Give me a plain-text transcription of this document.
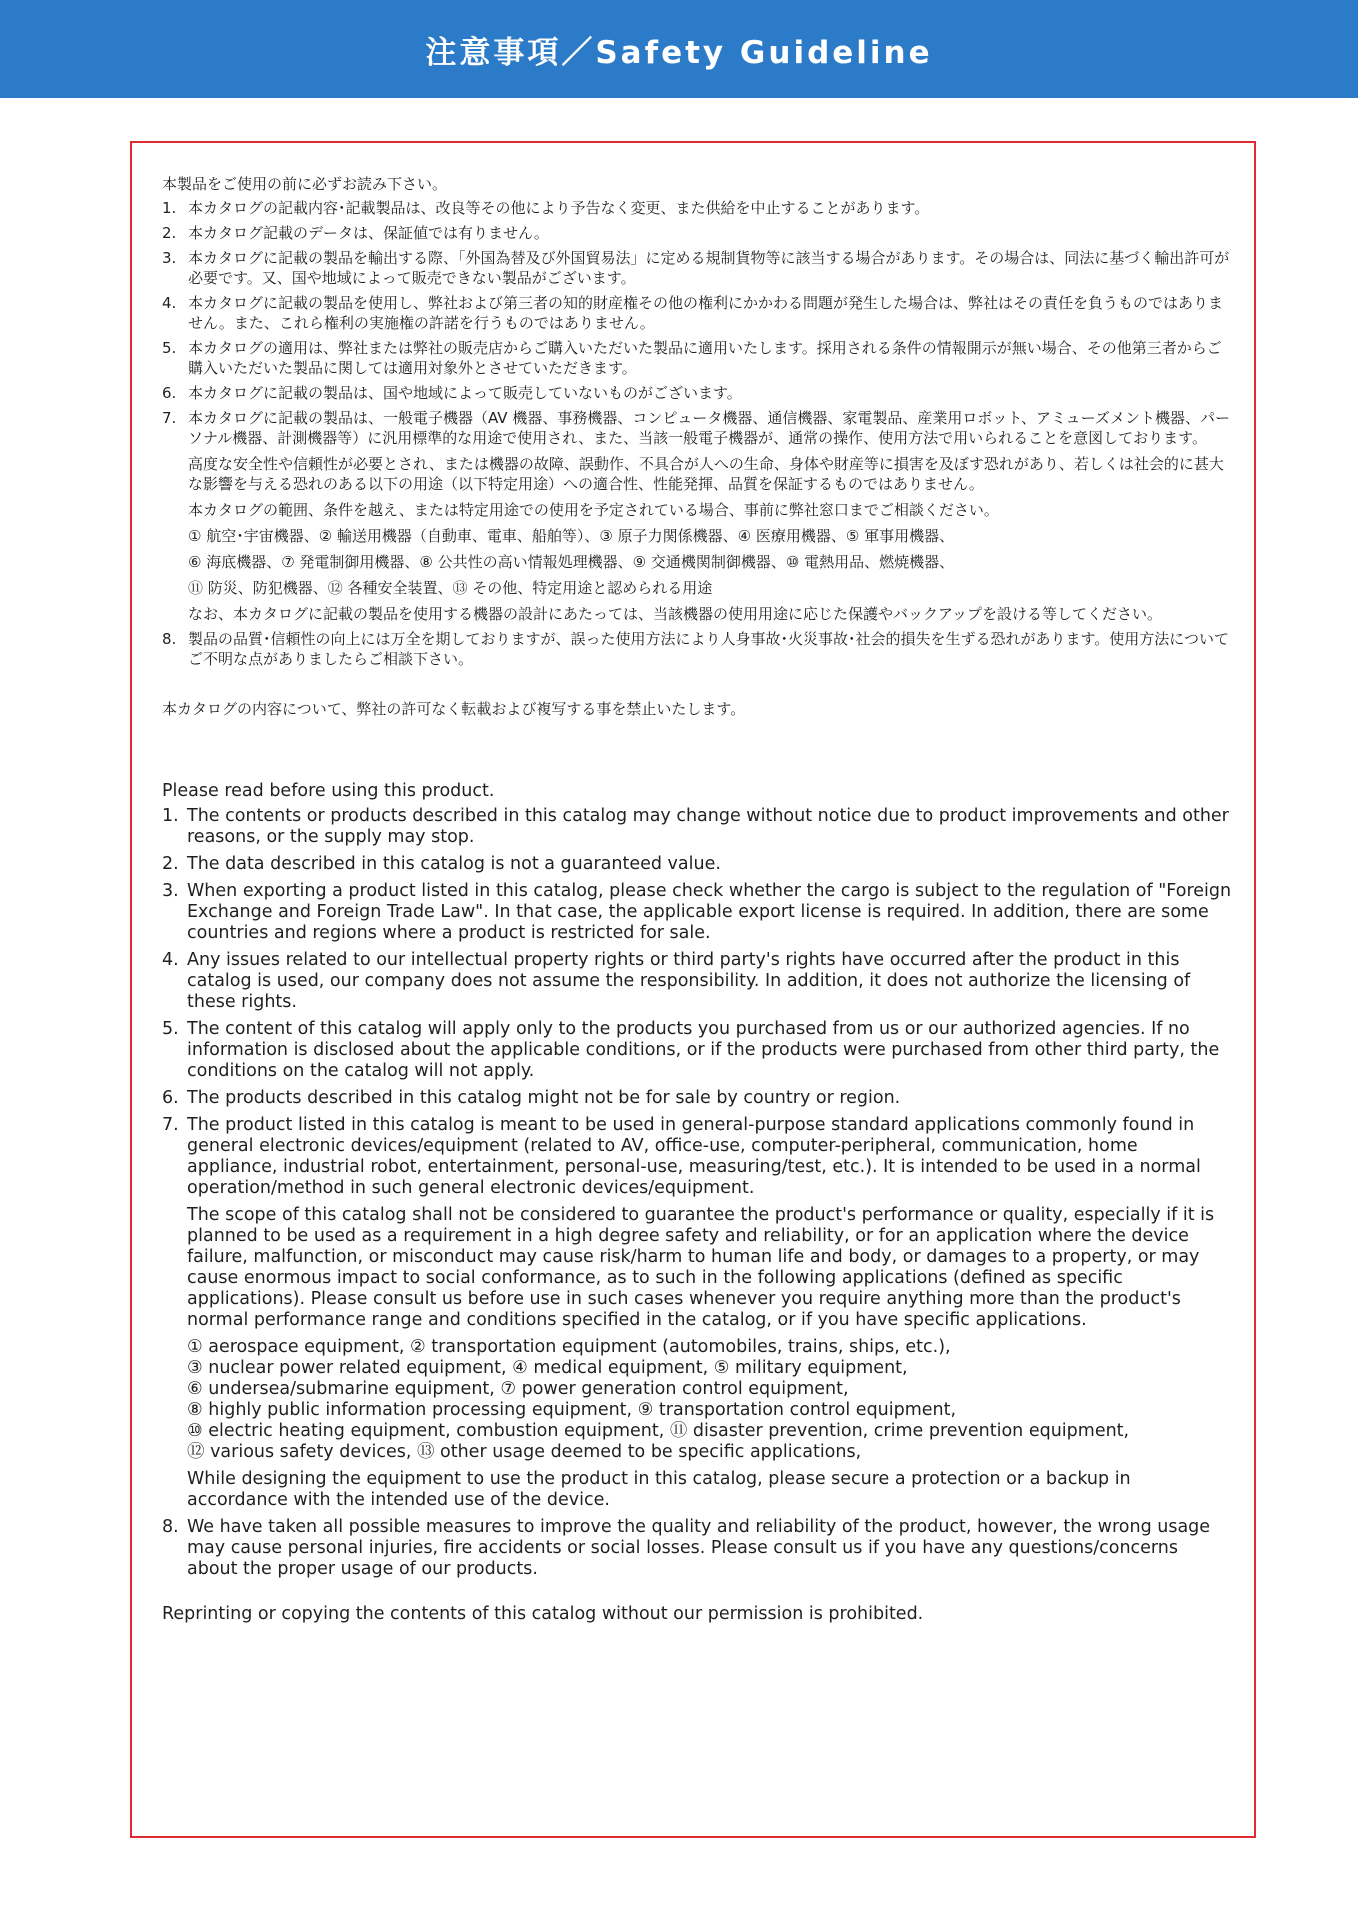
注意事項／Safety Guideline

本製品をご使用の前に必ずお読み下さい。

1. 本カタログの記載内容･記載製品は、改良等その他により予告なく変更、また供給を中止することがあります。

2. 本カタログ記載のデータは、保証値では有りません。

3. 本カタログに記載の製品を輸出する際、「外国為替及び外国貿易法」に定める規制貨物等に該当する場合があります。その場合は、同法に基づく輸出許可が必要です。又、国や地域によって販売できない製品がございます。

4. 本カタログに記載の製品を使用し、弊社および第三者の知的財産権その他の権利にかかわる問題が発生した場合は、弊社はその責任を負うものではありません。また、これら権利の実施権の許諾を行うものではありません。

5. 本カタログの適用は、弊社または弊社の販売店からご購入いただいた製品に適用いたします。採用される条件の情報開示が無い場合、その他第三者からご購入いただいた製品に関しては適用対象外とさせていただきます。

6. 本カタログに記載の製品は、国や地域によって販売していないものがございます。

7. 本カタログに記載の製品は、一般電子機器（AV 機器、事務機器、コンピュータ機器、通信機器、家電製品、産業用ロボット、アミューズメント機器、パーソナル機器、計測機器等）に汎用標準的な用途で使用され、また、当該一般電子機器が、通常の操作、使用方法で用いられることを意図しております。

高度な安全性や信頼性が必要とされ、または機器の故障、誤動作、不具合が人への生命、身体や財産等に損害を及ぼす恐れがあり、若しくは社会的に甚大な影響を与える恐れのある以下の用途（以下特定用途）への適合性、性能発揮、品質を保証するものではありません。

本カタログの範囲、条件を越え、または特定用途での使用を予定されている場合、事前に弊社窓口までご相談ください。

① 航空･宇宙機器、② 輸送用機器（自動車、電車、船舶等）、③ 原子力関係機器、④ 医療用機器、⑤ 軍事用機器、

⑥ 海底機器、⑦ 発電制御用機器、⑧ 公共性の高い情報処理機器、⑨ 交通機関制御機器、⑩ 電熱用品、燃焼機器、

⑪ 防災、防犯機器、⑫ 各種安全装置、⑬ その他、特定用途と認められる用途

なお、本カタログに記載の製品を使用する機器の設計にあたっては、当該機器の使用用途に応じた保護やバックアップを設ける等してください。

8. 製品の品質･信頼性の向上には万全を期しておりますが、誤った使用方法により人身事故･火災事故･社会的損失を生ずる恐れがあります。使用方法についてご不明な点がありましたらご相談下さい。

本カタログの内容について、弊社の許可なく転載および複写する事を禁止いたします。

Please read before using this product.

1. The contents or products described in this catalog may change without notice due to product improvements and other reasons, or the supply may stop.

2. The data described in this catalog is not a guaranteed value.

3. When exporting a product listed in this catalog, please check whether the cargo is subject to the regulation of "Foreign Exchange and Foreign Trade Law". In that case, the applicable export license is required. In addition, there are some countries and regions where a product is restricted for sale.

4. Any issues related to our intellectual property rights or third party's rights have occurred after the product in this catalog is used, our company does not assume the responsibility. In addition, it does not authorize the licensing of these rights.

5. The content of this catalog will apply only to the products you purchased from us or our authorized agencies. If no information is disclosed about the applicable conditions, or if the products were purchased from other third party, the conditions on the catalog will not apply.

6. The products described in this catalog might not be for sale by country or region.

7. The product listed in this catalog is meant to be used in general-purpose standard applications commonly found in general electronic devices/equipment (related to AV, office-use, computer-peripheral, communication, home appliance, industrial robot, entertainment, personal-use, measuring/test, etc.). It is intended to be used in a normal operation/method in such general electronic devices/equipment.

The scope of this catalog shall not be considered to guarantee the product's performance or quality, especially if it is planned to be used as a requirement in a high degree safety and reliability, or for an application where the device failure, malfunction, or misconduct may cause risk/harm to human life and body, or damages to a property, or may cause enormous impact to social conformance, as to such in the following applications (defined as specific applications). Please consult us before use in such cases whenever you require anything more than the product's normal performance range and conditions specified in the catalog, or if you have specific applications.

① aerospace equipment, ② transportation equipment (automobiles, trains, ships, etc.),

③ nuclear power related equipment, ④ medical equipment, ⑤ military equipment,

⑥ undersea/submarine equipment, ⑦ power generation control equipment,

⑧ highly public information processing equipment, ⑨ transportation control equipment,

⑩ electric heating equipment, combustion equipment, ⑪ disaster prevention, crime prevention equipment,

⑫ various safety devices, ⑬ other usage deemed to be specific applications,

While designing the equipment to use the product in this catalog, please secure a protection or a backup in accordance with the intended use of the device.

8. We have taken all possible measures to improve the quality and reliability of the product, however, the wrong usage may cause personal injuries, fire accidents or social losses. Please consult us if you have any questions/concerns about the proper usage of our products.

Reprinting or copying the contents of this catalog without our permission is prohibited.
